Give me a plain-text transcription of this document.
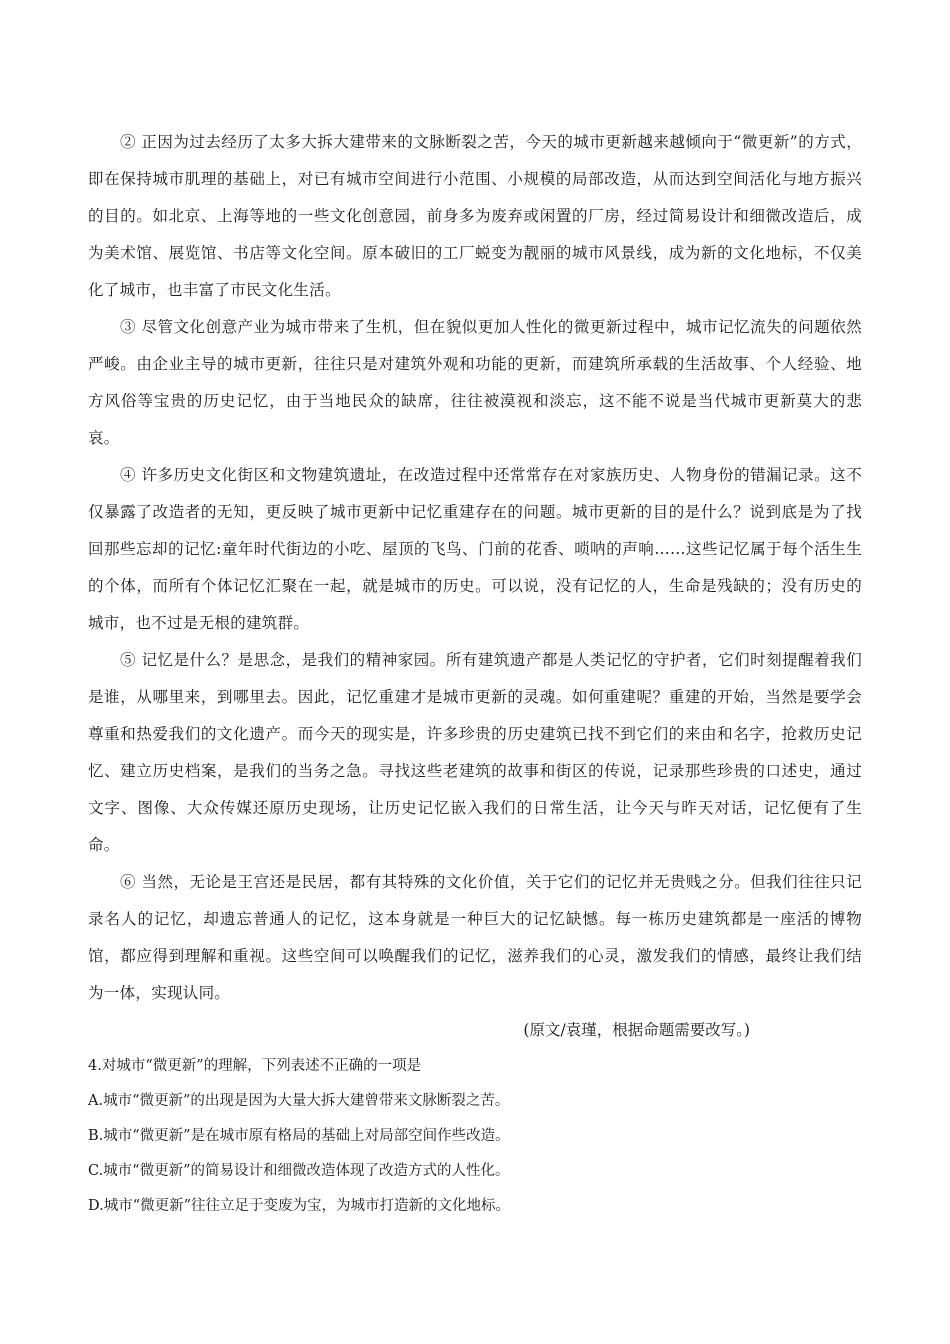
② 正因为过去经历了太多大拆大建带来的文脉断裂之苦，今天的城市更新越来越倾向于“微更新”的方式，即在保持城市肌理的基础上，对已有城市空间进行小范围、小规模的局部改造，从而达到空间活化与地方振兴的目的。如北京、上海等地的一些文化创意园，前身多为废弃或闲置的厂房，经过简易设计和细微改造后，成为美术馆、展览馆、书店等文化空间。原本破旧的工厂蜕变为靓丽的城市风景线，成为新的文化地标，不仅美化了城市，也丰富了市民文化生活。

③ 尽管文化创意产业为城市带来了生机，但在貌似更加人性化的微更新过程中，城市记忆流失的问题依然严峻。由企业主导的城市更新，往往只是对建筑外观和功能的更新，而建筑所承载的生活故事、个人经验、地方风俗等宝贵的历史记忆，由于当地民众的缺席，往往被漠视和淡忘，这不能不说是当代城市更新莫大的悲哀。

④ 许多历史文化街区和文物建筑遗址，在改造过程中还常常存在对家族历史、人物身份的错漏记录。这不仅暴露了改造者的无知，更反映了城市更新中记忆重建存在的问题。城市更新的目的是什么？说到底是为了找回那些忘却的记忆:童年时代街边的小吃、屋顶的飞鸟、门前的花香、唢呐的声响……这些记忆属于每个活生生的个体，而所有个体记忆汇聚在一起，就是城市的历史。可以说，没有记忆的人，生命是残缺的；没有历史的城市，也不过是无根的建筑群。

⑤ 记忆是什么？是思念，是我们的精神家园。所有建筑遗产都是人类记忆的守护者，它们时刻提醒着我们是谁，从哪里来，到哪里去。因此，记忆重建才是城市更新的灵魂。如何重建呢？重建的开始，当然是要学会尊重和热爱我们的文化遗产。而今天的现实是，许多珍贵的历史建筑已找不到它们的来由和名字，抢救历史记忆、建立历史档案，是我们的当务之急。寻找这些老建筑的故事和街区的传说，记录那些珍贵的口述史，通过文字、图像、大众传媒还原历史现场，让历史记忆嵌入我们的日常生活，让今天与昨天对话，记忆便有了生命。

⑥ 当然，无论是王宫还是民居，都有其特殊的文化价值，关于它们的记忆并无贵贱之分。但我们往往只记录名人的记忆，却遗忘普通人的记忆，这本身就是一种巨大的记忆缺憾。每一栋历史建筑都是一座活的博物馆，都应得到理解和重视。这些空间可以唤醒我们的记忆，滋养我们的心灵，激发我们的情感，最终让我们结为一体，实现认同。

(原文/袁瑾，根据命题需要改写。)

4.对城市“微更新”的理解，下列表述不正确的一项是

A.城市“微更新”的出现是因为大量大拆大建曾带来文脉断裂之苦。

B.城市“微更新”是在城市原有格局的基础上对局部空间作些改造。

C.城市“微更新”的简易设计和细微改造体现了改造方式的人性化。

D.城市“微更新”往往立足于变废为宝，为城市打造新的文化地标。
